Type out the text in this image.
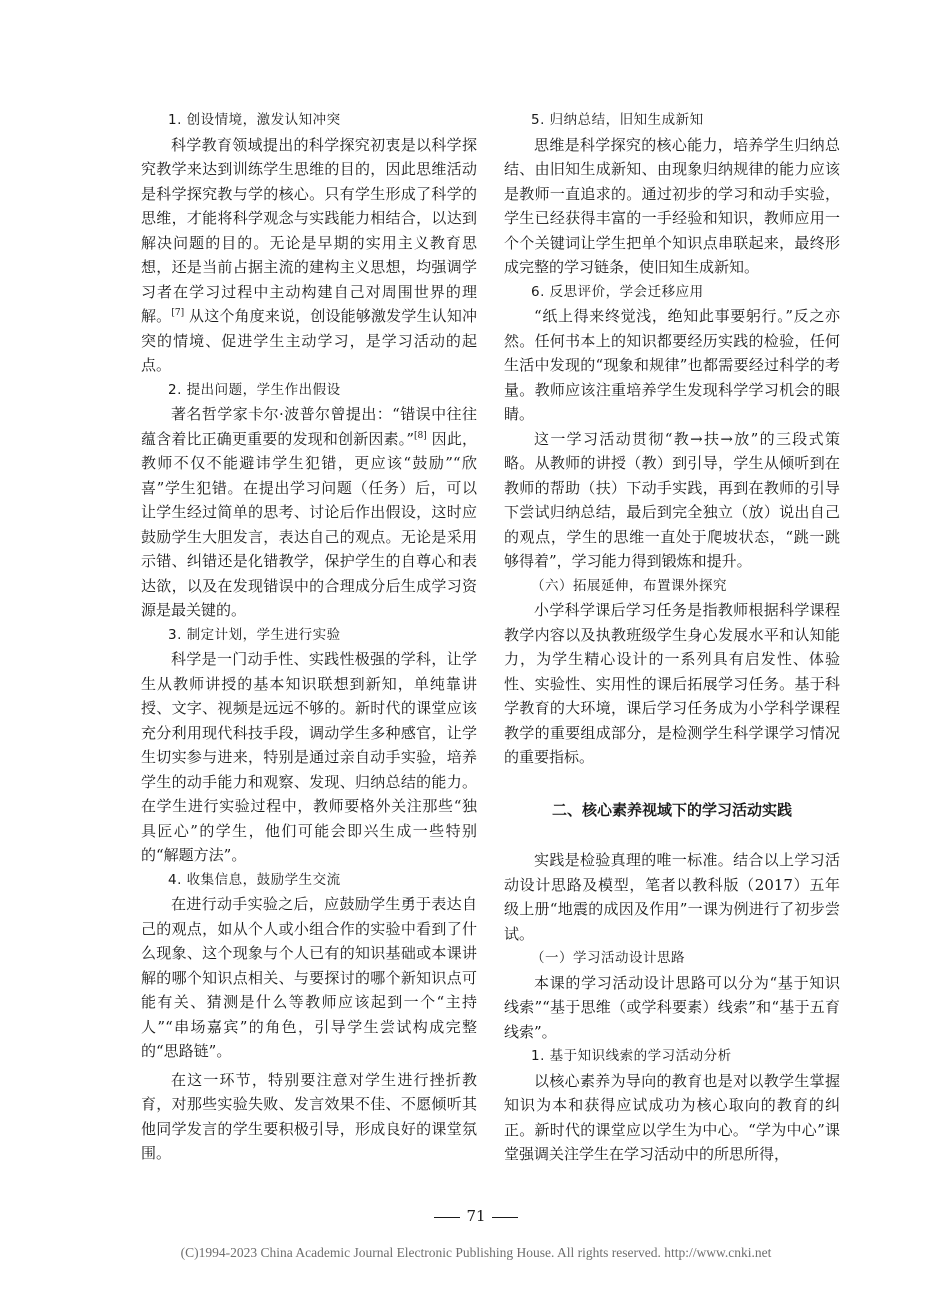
1. 创设情境，激发认知冲突

科学教育领域提出的科学探究初衷是以科学探究教学来达到训练学生思维的目的，因此思维活动是科学探究教与学的核心。只有学生形成了科学的思维，才能将科学观念与实践能力相结合，以达到解决问题的目的。无论是早期的实用主义教育思想，还是当前占据主流的建构主义思想，均强调学习者在学习过程中主动构建自己对周围世界的理解。[7] 从这个角度来说，创设能够激发学生认知冲突的情境、促进学生主动学习，是学习活动的起点。

2. 提出问题，学生作出假设

著名哲学家卡尔·波普尔曾提出：“错误中往往蕴含着比正确更重要的发现和创新因素。”[8] 因此，教师不仅不能避讳学生犯错，更应该“鼓励”“欣喜”学生犯错。在提出学习问题（任务）后，可以让学生经过简单的思考、讨论后作出假设，这时应鼓励学生大胆发言，表达自己的观点。无论是采用示错、纠错还是化错教学，保护学生的自尊心和表达欲，以及在发现错误中的合理成分后生成学习资源是最关键的。

3. 制定计划，学生进行实验

科学是一门动手性、实践性极强的学科，让学生从教师讲授的基本知识联想到新知，单纯靠讲授、文字、视频是远远不够的。新时代的课堂应该充分利用现代科技手段，调动学生多种感官，让学生切实参与进来，特别是通过亲自动手实验，培养学生的动手能力和观察、发现、归纳总结的能力。在学生进行实验过程中，教师要格外关注那些“独具匠心”的学生，他们可能会即兴生成一些特别的“解题方法”。

4. 收集信息，鼓励学生交流

在进行动手实验之后，应鼓励学生勇于表达自己的观点，如从个人或小组合作的实验中看到了什么现象、这个现象与个人已有的知识基础或本课讲解的哪个知识点相关、与要探讨的哪个新知识点可能有关、猜测是什么等教师应该起到一个“主持人”“串场嘉宾”的角色，引导学生尝试构成完整的“思路链”。

在这一环节，特别要注意对学生进行挫折教育，对那些实验失败、发言效果不佳、不愿倾听其他同学发言的学生要积极引导，形成良好的课堂氛围。

5. 归纳总结，旧知生成新知

思维是科学探究的核心能力，培养学生归纳总结、由旧知生成新知、由现象归纳规律的能力应该是教师一直追求的。通过初步的学习和动手实验，学生已经获得丰富的一手经验和知识，教师应用一个个关键词让学生把单个知识点串联起来，最终形成完整的学习链条，使旧知生成新知。

6. 反思评价，学会迁移应用

“纸上得来终觉浅，绝知此事要躬行。”反之亦然。任何书本上的知识都要经历实践的检验，任何生活中发现的“现象和规律”也都需要经过科学的考量。教师应该注重培养学生发现科学学习机会的眼睛。

这一学习活动贯彻“教→扶→放”的三段式策略。从教师的讲授（教）到引导，学生从倾听到在教师的帮助（扶）下动手实践，再到在教师的引导下尝试归纳总结，最后到完全独立（放）说出自己的观点，学生的思维一直处于爬坡状态，“跳一跳够得着”，学习能力得到锻炼和提升。

（六）拓展延伸，布置课外探究

小学科学课后学习任务是指教师根据科学课程教学内容以及执教班级学生身心发展水平和认知能力，为学生精心设计的一系列具有启发性、体验性、实验性、实用性的课后拓展学习任务。基于科学教育的大环境，课后学习任务成为小学科学课程教学的重要组成部分，是检测学生科学课学习情况的重要指标。

二、核心素养视域下的学习活动实践

实践是检验真理的唯一标准。结合以上学习活动设计思路及模型，笔者以教科版（2017）五年级上册“地震的成因及作用”一课为例进行了初步尝试。

（一）学习活动设计思路

本课的学习活动设计思路可以分为“基于知识线索”“基于思维（或学科要素）线索”和“基于五育线索”。

1. 基于知识线索的学习活动分析

以核心素养为导向的教育也是对以教学生掌握知识为本和获得应试成功为核心取向的教育的纠正。新时代的课堂应以学生为中心。“学为中心”课堂强调关注学生在学习活动中的所思所得，

71
(C)1994-2023 China Academic Journal Electronic Publishing House. All rights reserved. http://www.cnki.net
